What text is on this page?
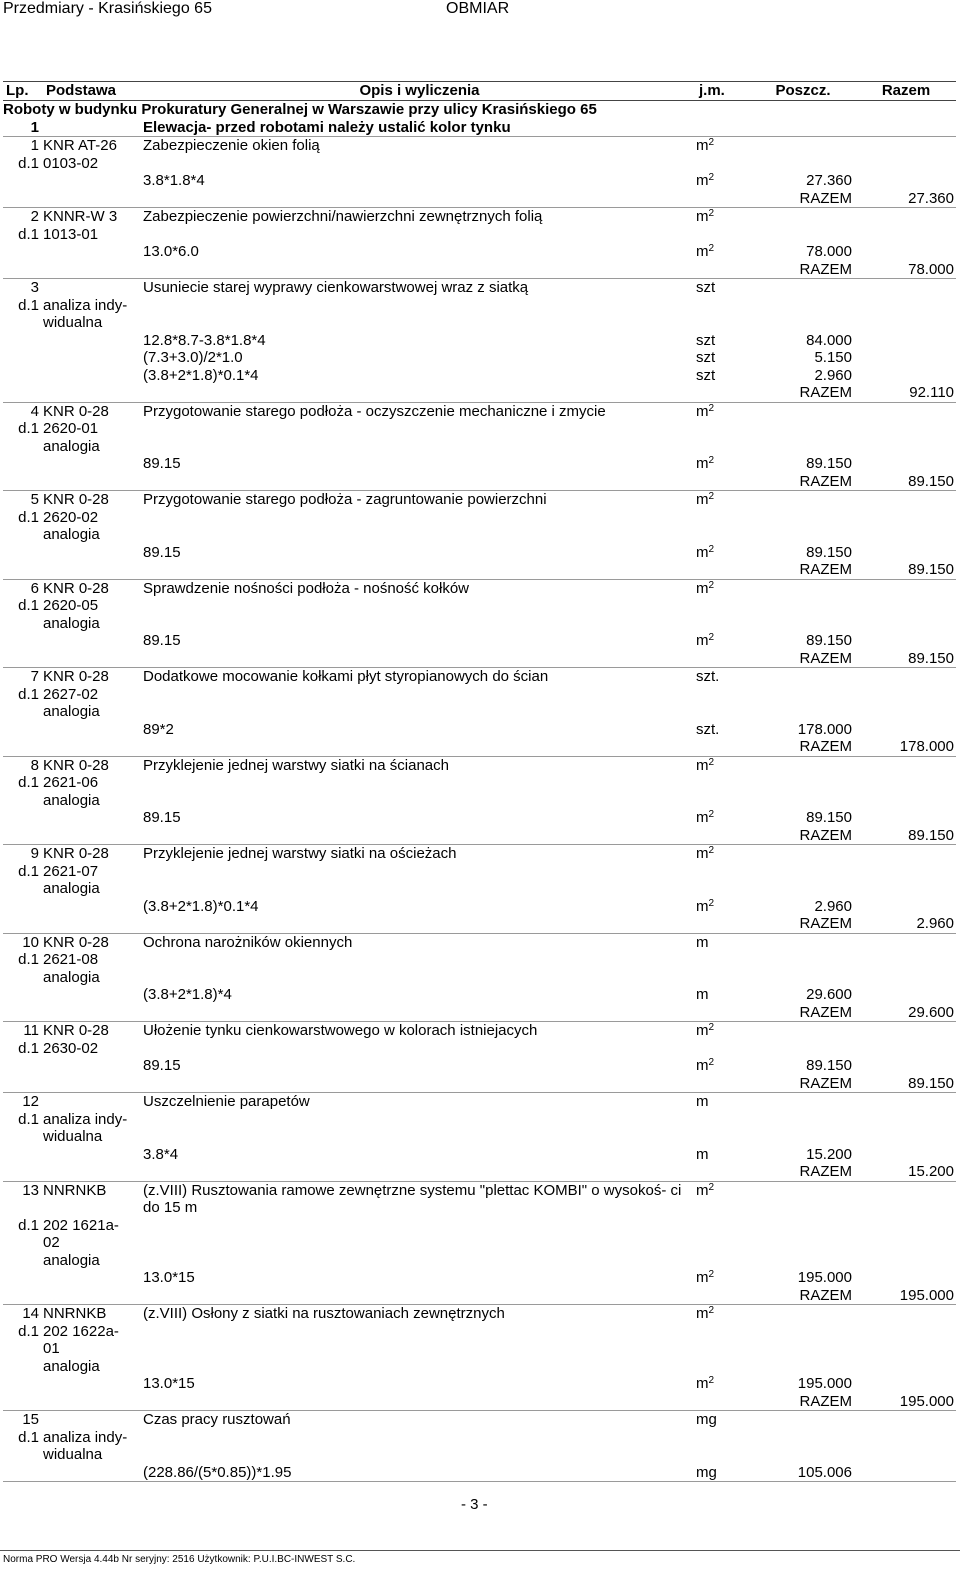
Przedmiary - Krasińskiego 65	OBMIAR
Lp.	Podstawa	Opis i wyliczenia	j.m.	Poszcz.	Razem
Roboty w budynku Prokuratury Generalnej w Warszawie przy ulicy Krasińskiego 65					
1		Elewacja- przed robotami należy ustalić kolor tynku			
1	KNR AT-26	Zabezpieczenie okien folią	$m^2$		
d.1	0103-02				
		3.8*1.8*4	$m^2$	27.360	
				RAZEM	27.360
2	KNNR-W 3	Zabezpieczenie powierzchni/nawierzchni zewnętrznych folią	$m^2$		
d.1	1013-01				
		13.0*6.0	$m^2$	78.000	
				RAZEM	78.000
3		Usuniecie starej wyprawy cienkowarstwowej wraz z siatką	szt		
d.1	analiza indy-				
	widualna				
		12.8*8.7-3.8*1.8*4	szt	84.000	
		(7.3+3.0)/2*1.0	szt	5.150	
		(3.8+2*1.8)*0.1*4	szt	2.960	
				RAZEM	92.110
4	KNR 0-28	Przygotowanie starego podłoża - oczyszczenie mechaniczne i zmycie	$m^2$		
d.1	2620-01				
	analogia				
		89.15	$m^2$	89.150	
				RAZEM	89.150
5	KNR 0-28	Przygotowanie starego podłoża - zagruntowanie powierzchni	$m^2$		
d.1	2620-02				
	analogia				
		89.15	$m^2$	89.150	
				RAZEM	89.150
6	KNR 0-28	Sprawdzenie nośności podłoża - nośność kołków	$m^2$		
d.1	2620-05				
	analogia				
		89.15	$m^2$	89.150	
				RAZEM	89.150
7	KNR 0-28	Dodatkowe mocowanie kołkami płyt styropianowych do ścian	szt.		
d.1	2627-02				
	analogia				
		89*2	szt.	178.000	
				RAZEM	178.000
8	KNR 0-28	Przyklejenie jednej warstwy siatki na ścianach	$m^2$		
d.1	2621-06				
	analogia				
		89.15	$m^2$	89.150	
				RAZEM	89.150
9	KNR 0-28	Przyklejenie jednej warstwy siatki na ościeżach	$m^2$		
d.1	2621-07				
	analogia				
		(3.8+2*1.8)*0.1*4	$m^2$	2.960	
				RAZEM	2.960
10	KNR 0-28	Ochrona narożników okiennych	m		
d.1	2621-08				
	analogia				
		(3.8+2*1.8)*4	m	29.600	
				RAZEM	29.600
11	KNR 0-28	Ułożenie tynku cienkowarstwowego w kolorach istniejacych	$m^2$		
d.1	2630-02				
		89.15	$m^2$	89.150	
				RAZEM	89.150
12		Uszczelnienie parapetów	m		
d.1	analiza indy-				
	widualna				
		3.8*4	m	15.200	
				RAZEM	15.200
13	NNRNKB	(z.VIII) Rusztowania ramowe zewnętrzne systemu "plettac KOMBI" o wysokoś- ci do 15 m	$m^2$		
d.1	202 1621a-				
	02				
	analogia				
		13.0*15	$m^2$	195.000	
				RAZEM	195.000
14	NNRNKB	(z.VIII) Osłony z siatki na rusztowaniach zewnętrznych	$m^2$		
d.1	202 1622a-				
	01				
	analogia				
		13.0*15	$m^2$	195.000	
				RAZEM	195.000
15		Czas pracy rusztowań	mg		
d.1	analiza indy-				
	widualna				
		(228.86/(5*0.85))*1.95	mg	105.006	
- 3 -
Norma PRO Wersja 4.44b Nr seryjny: 2516 Użytkownik: P.U.I.BC-INWEST S.C.
